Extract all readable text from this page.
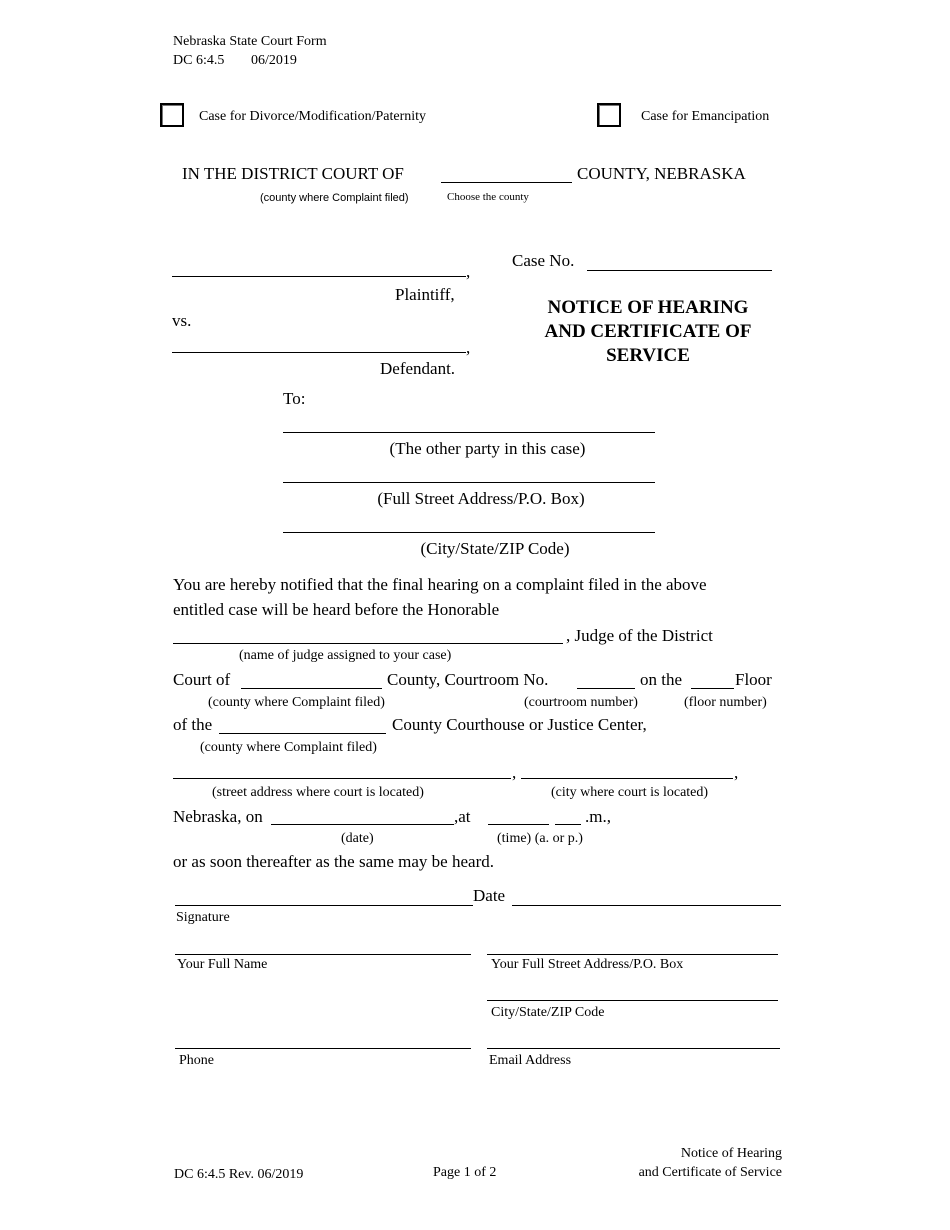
Nebraska State Court Form
DC 6:4.5 06/2019
Case for Divorce/Modification/Paternity	Case for Emancipation
IN THE DISTRICT COURT OF	COUNTY, NEBRASKA
(county where Complaint filed)	Choose the county
,
Plaintiff,
vs.
,
Defendant.
Case No.
NOTICE OF HEARING AND CERTIFICATE OF SERVICE
To:
(The other party in this case)
(Full Street Address/P.O. Box)
(City/State/ZIP Code)
You are hereby notified that the final hearing on a complaint filed in the above
entitled case will be heard before the Honorable
, Judge of the District
(name of judge assigned to your case)
Court of	County, Courtroom No.	on the	Floor
(county where Complaint filed)	(courtroom number)	(floor number)
of the	County Courthouse or Justice Center,
(county where Complaint filed)
,	,
(street address where court is located)	(city where court is located)
Nebraska, on	,at	.m.,
(date)	(time) (a. or p.)
or as soon thereafter as the same may be heard.
Date
Signature
Your Full Name	Your Full Street Address/P.O. Box
City/State/ZIP Code
Phone	Email Address
DC 6:4.5 Rev. 06/2019	Page 1 of 2
Notice of Hearing
and Certificate of Service
